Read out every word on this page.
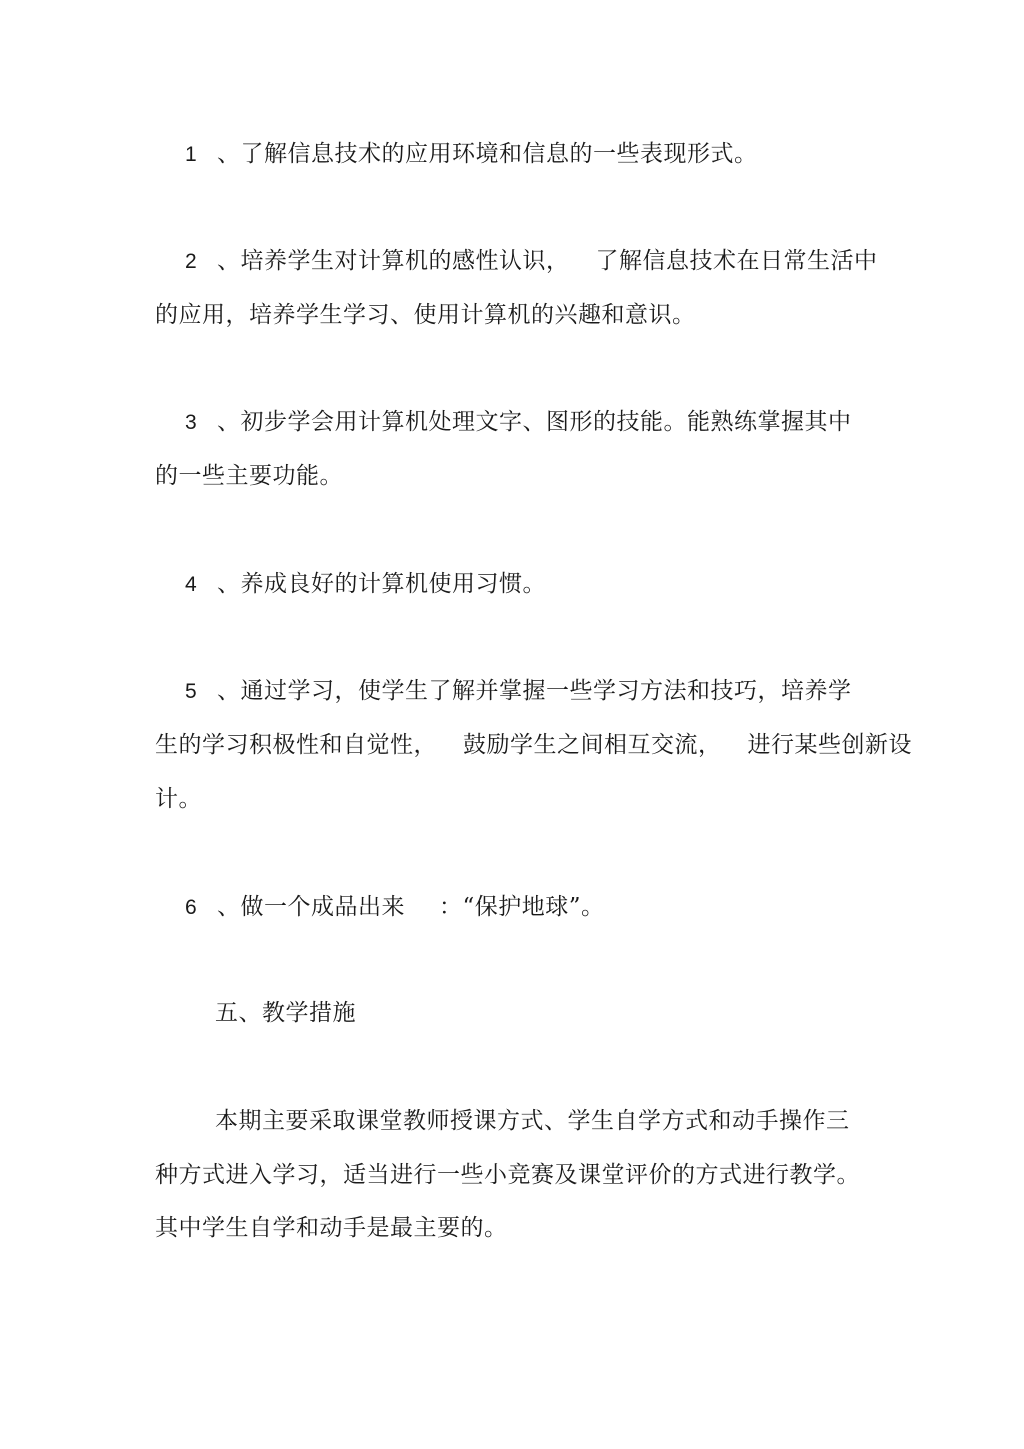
1 、了解信息技术的应用环境和信息的一些表现形式。
2 、培养学生对计算机的感性认识， 了解信息技术在日常生活中
的应用，培养学生学习、使用计算机的兴趣和意识。
3 、初步学会用计算机处理文字、图形的技能。能熟练掌握其中
的一些主要功能。
4 、养成良好的计算机使用习惯。
5 、通过学习，使学生了解并掌握一些学习方法和技巧，培养学
生的学习积极性和自觉性， 鼓励学生之间相互交流， 进行某些创新设
计。
6 、做一个成品出来 ：“保护地球”。
五、教学措施
本期主要采取课堂教师授课方式、学生自学方式和动手操作三
种方式进入学习，适当进行一些小竞赛及课堂评价的方式进行教学。
其中学生自学和动手是最主要的。
